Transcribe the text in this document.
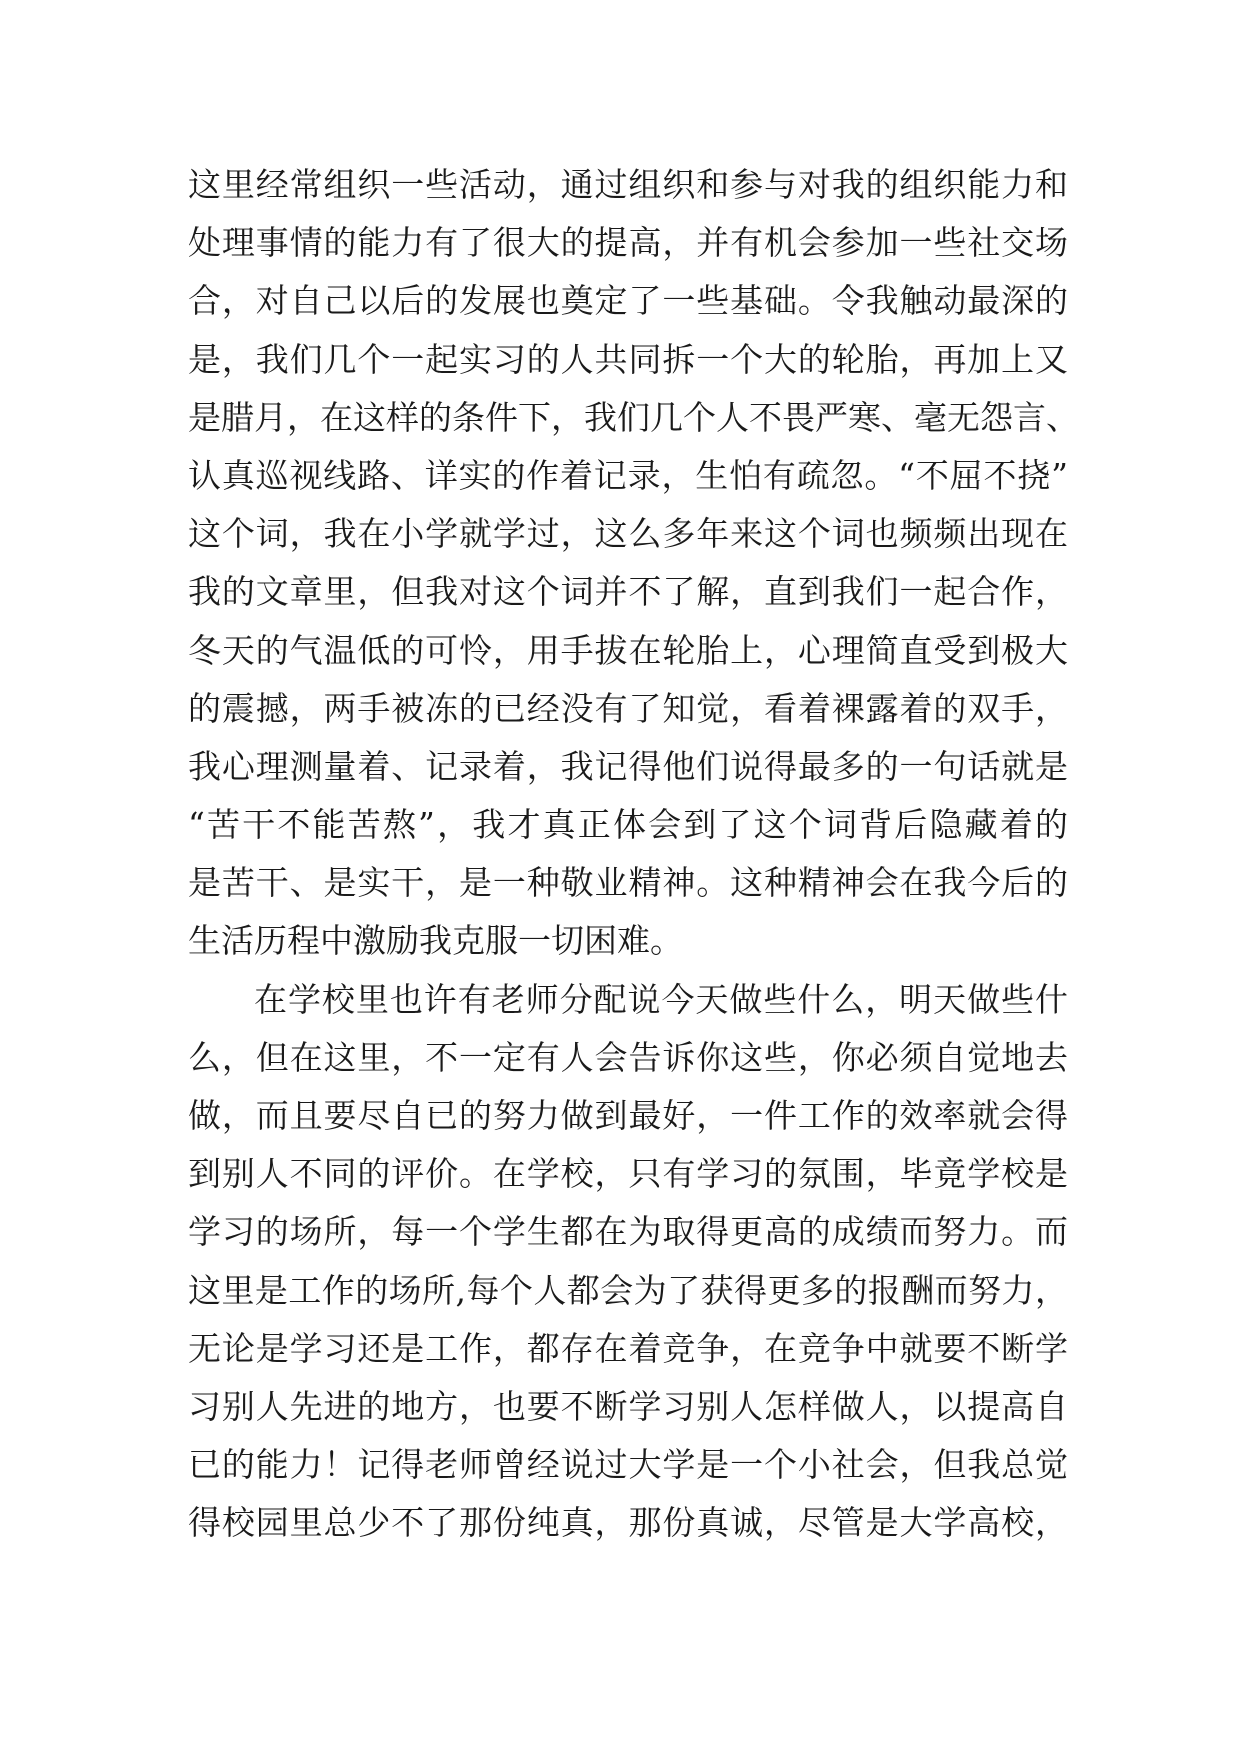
这里经常组织一些活动，通过组织和参与对我的组织能力和
处理事情的能力有了很大的提高，并有机会参加一些社交场
合，对自己以后的发展也奠定了一些基础。令我触动最深的
是，我们几个一起实习的人共同拆一个大的轮胎，再加上又
是腊月，在这样的条件下，我们几个人不畏严寒、毫无怨言、
认真巡视线路、详实的作着记录，生怕有疏忽。“不屈不挠”
这个词，我在小学就学过，这么多年来这个词也频频出现在
我的文章里，但我对这个词并不了解，直到我们一起合作，
冬天的气温低的可怜，用手拔在轮胎上，心理简直受到极大
的震撼，两手被冻的已经没有了知觉，看着裸露着的双手，
我心理测量着、记录着，我记得他们说得最多的一句话就是
“苦干不能苦熬”，我才真正体会到了这个词背后隐藏着的
是苦干、是实干，是一种敬业精神。这种精神会在我今后的
生活历程中激励我克服一切困难。
在学校里也许有老师分配说今天做些什么，明天做些什
么，但在这里，不一定有人会告诉你这些，你必须自觉地去
做，而且要尽自已的努力做到最好，一件工作的效率就会得
到别人不同的评价。在学校，只有学习的氛围，毕竟学校是
学习的场所，每一个学生都在为取得更高的成绩而努力。而
这里是工作的场所,每个人都会为了获得更多的报酬而努力，
无论是学习还是工作，都存在着竞争，在竞争中就要不断学
习别人先进的地方，也要不断学习别人怎样做人，以提高自
已的能力！记得老师曾经说过大学是一个小社会，但我总觉
得校园里总少不了那份纯真，那份真诚，尽管是大学高校，
